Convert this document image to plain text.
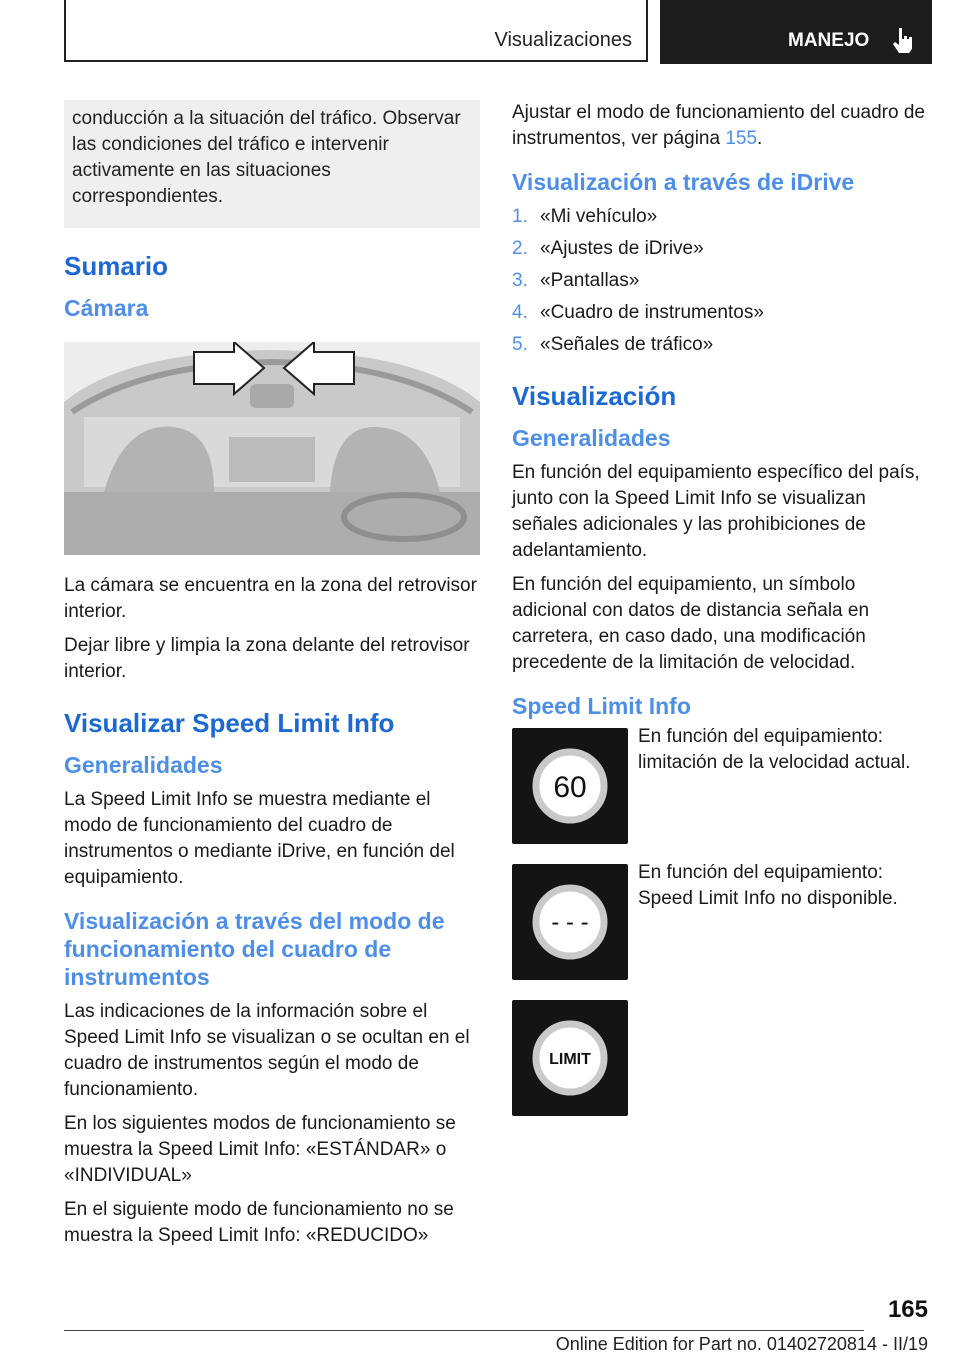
Visualizaciones	MANEJO
conducción a la situación del tráfico. Observar las condiciones del tráfico e intervenir activamente en las situaciones correspondientes.
Sumario
Cámara

La cámara se encuentra en la zona del retrovisor interior.

Dejar libre y limpia la zona delante del retrovisor interior.

Visualizar Speed Limit Info
Generalidades

La Speed Limit Info se muestra mediante el modo de funcionamiento del cuadro de instrumentos o mediante iDrive, en función del equipamiento.

Visualización a través del modo de funcionamiento del cuadro de instrumentos

Las indicaciones de la información sobre el Speed Limit Info se visualizan o se ocultan en el cuadro de instrumentos según el modo de funcionamiento.

En los siguientes modos de funcionamiento se muestra la Speed Limit Info: «ESTÁNDAR» o «INDIVIDUAL»

En el siguiente modo de funcionamiento no se muestra la Speed Limit Info: «REDUCIDO»

Ajustar el modo de funcionamiento del cuadro de instrumentos, ver página 155.

Visualización a través de iDrive
1. «Mi vehículo»
2. «Ajustes de iDrive»
3. «Pantallas»
4. «Cuadro de instrumentos»
5. «Señales de tráfico»
Visualización
Generalidades

En función del equipamiento específico del país, junto con la Speed Limit Info se visualizan señales adicionales y las prohibiciones de adelantamiento.

En función del equipamiento, un símbolo adicional con datos de distancia señala en carretera, en caso dado, una modificación precedente de la limitación de velocidad.

Speed Limit Info
60
En función del equipamiento: limitación de la velocidad actual.
- - -
En función del equipamiento: Speed Limit Info no disponible.
LIMIT
165
Online Edition for Part no. 01402720814 - II/19
